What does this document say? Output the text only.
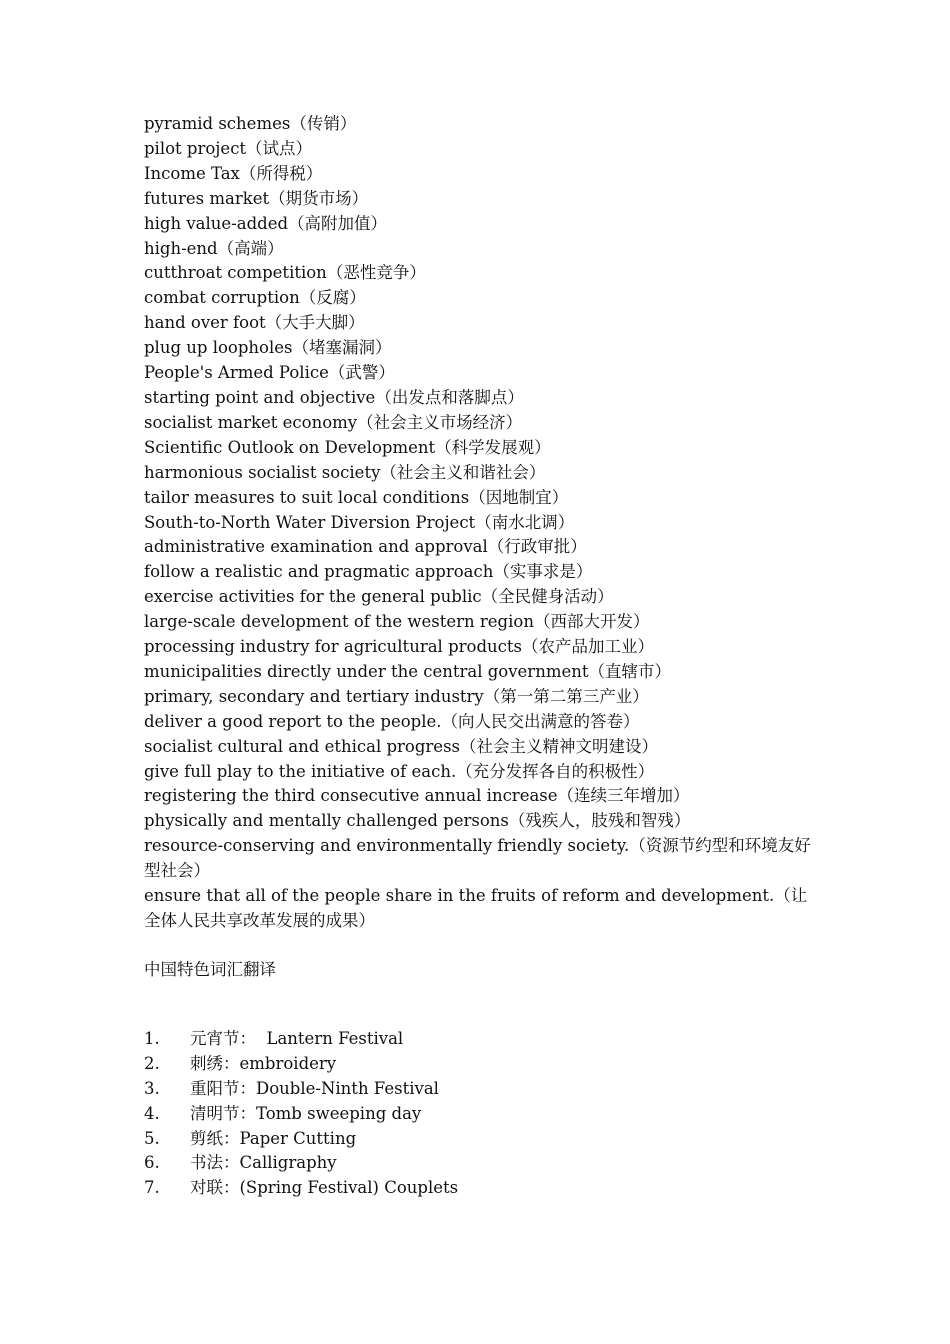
pyramid schemes（传销）
pilot project（试点）
Income Tax（所得税）
futures market（期货市场）
high value-added（高附加值）
high-end（高端）
cutthroat competition（恶性竞争）
combat corruption（反腐）
hand over foot（大手大脚）
plug up loopholes（堵塞漏洞）
People's Armed Police（武警）
starting point and objective（出发点和落脚点）
socialist market economy（社会主义市场经济）
Scientific Outlook on Development（科学发展观）
harmonious socialist society（社会主义和谐社会）
tailor measures to suit local conditions（因地制宜）
South-to-North Water Diversion Project（南水北调）
administrative examination and approval（行政审批）
follow a realistic and pragmatic approach（实事求是）
exercise activities for the general public（全民健身活动）
large-scale development of the western region（西部大开发）
processing industry for agricultural products（农产品加工业）
municipalities directly under the central government（直辖市）
primary, secondary and tertiary industry（第一第二第三产业）
deliver a good report to the people.（向人民交出满意的答卷）
socialist cultural and ethical progress（社会主义精神文明建设）
give full play to the initiative of each.（充分发挥各自的积极性）
registering the third consecutive annual increase（连续三年增加）
physically and mentally challenged persons（残疾人，肢残和智残）
resource-conserving and environmentally friendly society.（资源节约型和环境友好型社会）
ensure that all of the people share in the fruits of reform and development.（让全体人民共享改革发展的成果）
中国特色词汇翻译
1.	元宵节：  Lantern Festival
2.	刺绣：embroidery
3.	重阳节：Double-Ninth Festival
4.	清明节：Tomb sweeping day
5.	剪纸：Paper Cutting
6.	书法：Calligraphy
7.	对联：(Spring Festival) Couplets
